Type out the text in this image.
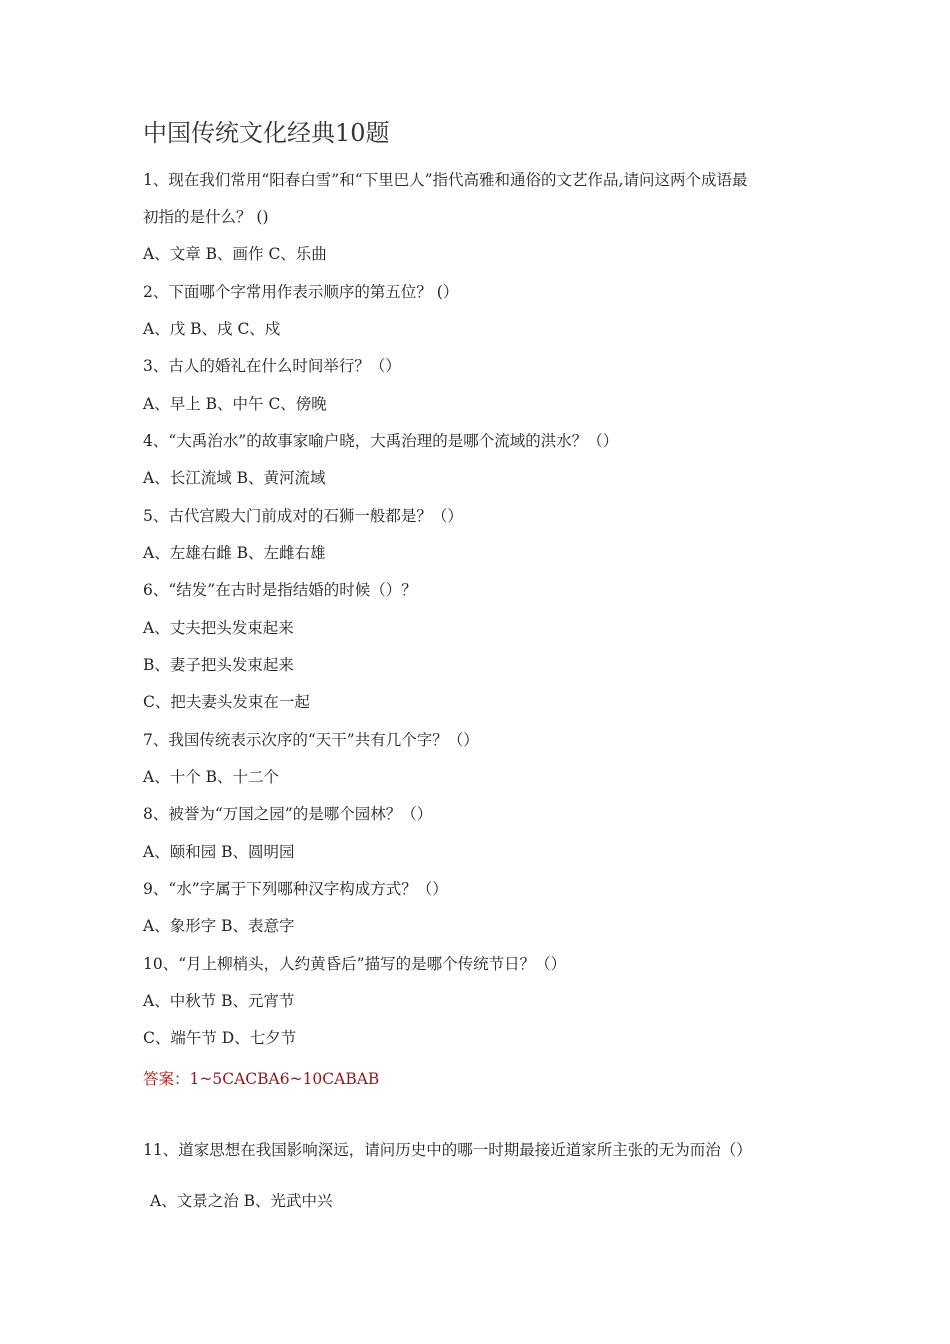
中国传统文化经典10题
1、现在我们常用“阳春白雪”和“下里巴人”指代高雅和通俗的文艺作品,请问这两个成语最
初指的是什么？ ()
A、文章 B、画作 C、乐曲
2、下面哪个字常用作表示顺序的第五位？ (）
A、戊 B、戌 C、戍
3、古人的婚礼在什么时间举行？（）
A、早上 B、中午 C、傍晚
4、“大禹治水”的故事家喻户晓，大禹治理的是哪个流域的洪水？（）
A、长江流域 B、黄河流域
5、古代宫殿大门前成对的石狮一般都是？（）
A、左雄右雌 B、左雌右雄
6、“结发”在古时是指结婚的时候（）？
A、丈夫把头发束起来
B、妻子把头发束起来
C、把夫妻头发束在一起
7、我国传统表示次序的“天干”共有几个字？（）
A、十个 B、十二个
8、被誉为“万国之园”的是哪个园林？（）
A、颐和园 B、圆明园
9、“水”字属于下列哪种汉字构成方式？（）
A、象形字 B、表意字
10、“月上柳梢头，人约黄昏后”描写的是哪个传统节日？（）
A、中秋节 B、元宵节
C、端午节 D、七夕节
答案：1~5CACBA6~10CABAB
11、道家思想在我国影响深远，请问历史中的哪一时期最接近道家所主张的无为而治（）
A、文景之治 B、光武中兴
